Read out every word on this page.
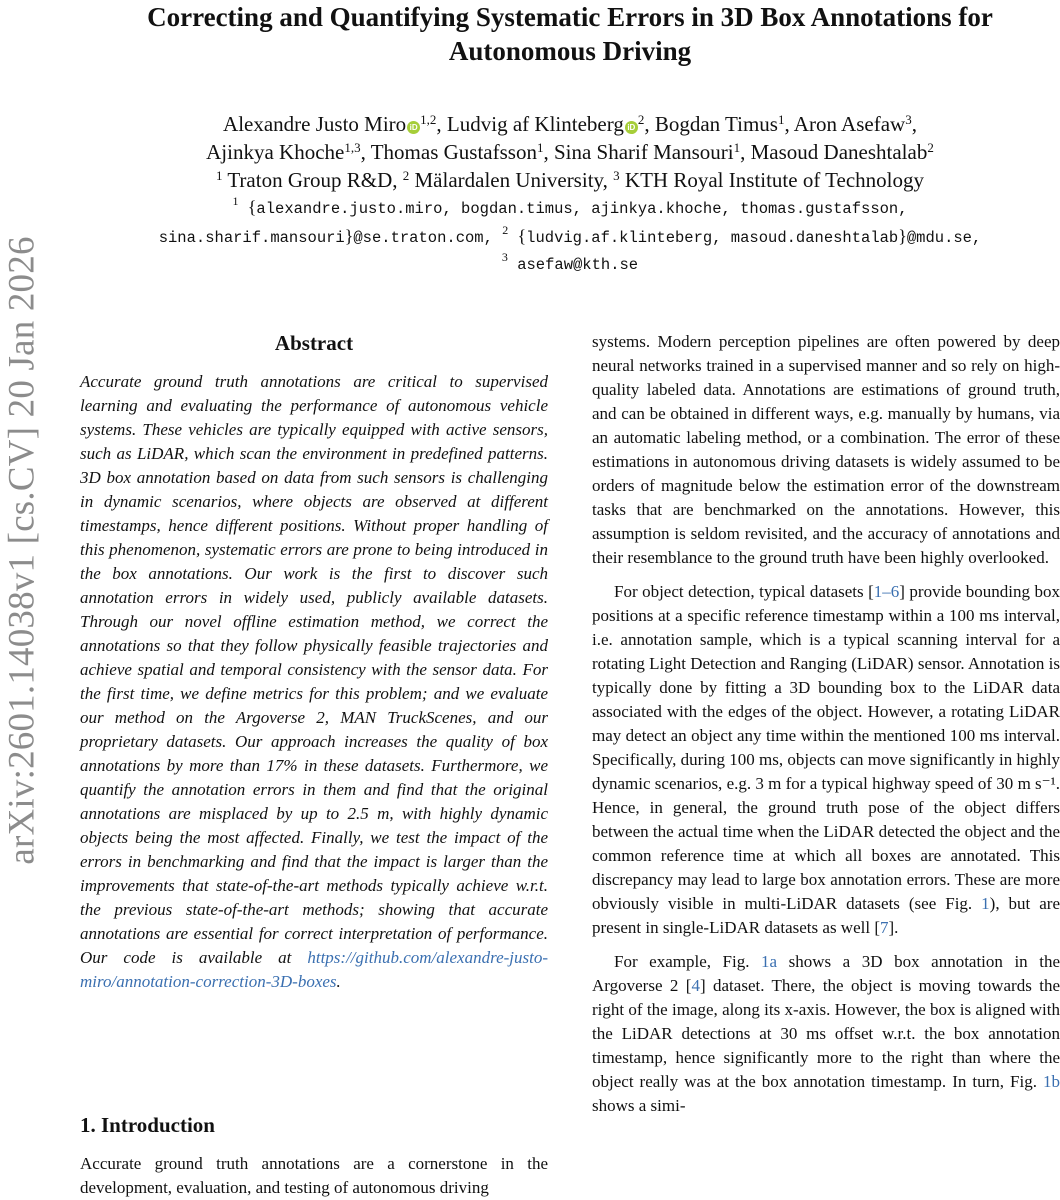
arXiv:2601.14038v1 [cs.CV] 20 Jan 2026
Correcting and Quantifying Systematic Errors in 3D Box Annotations for
Autonomous Driving
Alexandre Justo Miro iD$^{1,2}$, Ludvig af Klinteberg $iD^2$, Bogdan Timus$^1$, Aron Asefaw$^3$,
Ajinkya Khoche$^{1,3}$, Thomas Gustafsson$^1$, Sina Sharif Mansouri$^1$, Masoud Daneshtalab$^2$
$^1$ Traton Group R&D, $^2$ Mälardalen University, $^3$ KTH Royal Institute of Technology
$^1$ {alexandre.justo.miro, bogdan.timus, ajinkya.khoche, thomas.gustafsson,
sina.sharif.mansouri}@se.traton.com, $^2$ {ludvig.af.klinteberg, masoud.daneshtalab}@mdu.se,
$^3$ asefaw@kth.se
Abstract

Accurate ground truth annotations are critical to supervised learning and evaluating the performance of autonomous vehicle systems. These vehicles are typically equipped with active sensors, such as LiDAR, which scan the environment in predefined patterns. 3D box annotation based on data from such sensors is challenging in dynamic scenarios, where objects are observed at different timestamps, hence different positions. Without proper handling of this phenomenon, systematic errors are prone to being introduced in the box annotations. Our work is the first to discover such annotation errors in widely used, publicly available datasets. Through our novel offline estimation method, we correct the annotations so that they follow physically feasible trajectories and achieve spatial and temporal consistency with the sensor data. For the first time, we define metrics for this problem; and we evaluate our method on the Argoverse 2, MAN TruckScenes, and our proprietary datasets. Our approach increases the quality of box annotations by more than 17% in these datasets. Furthermore, we quantify the annotation errors in them and find that the original annotations are misplaced by up to 2.5 m, with highly dynamic objects being the most affected. Finally, we test the impact of the errors in benchmarking and find that the impact is larger than the improvements that state-of-the-art methods typically achieve w.r.t. the previous state-of-the-art methods; showing that accurate annotations are essential for correct interpretation of performance. Our code is available at https://github.com/alexandre-justo-miro/annotation-correction-3D-boxes.

1. Introduction

Accurate ground truth annotations are a cornerstone in the development, evaluation, and testing of autonomous driving

systems. Modern perception pipelines are often powered by deep neural networks trained in a supervised manner and so rely on high-quality labeled data. Annotations are estimations of ground truth, and can be obtained in different ways, e.g. manually by humans, via an automatic labeling method, or a combination. The error of these estimations in autonomous driving datasets is widely assumed to be orders of magnitude below the estimation error of the downstream tasks that are benchmarked on the annotations. However, this assumption is seldom revisited, and the accuracy of annotations and their resemblance to the ground truth have been highly overlooked.

For object detection, typical datasets [1–6] provide bounding box positions at a specific reference timestamp within a 100 ms interval, i.e. annotation sample, which is a typical scanning interval for a rotating Light Detection and Ranging (LiDAR) sensor. Annotation is typically done by fitting a 3D bounding box to the LiDAR data associated with the edges of the object. However, a rotating LiDAR may detect an object any time within the mentioned 100 ms interval. Specifically, during 100 ms, objects can move significantly in highly dynamic scenarios, e.g. 3 m for a typical highway speed of 30 m s⁻¹. Hence, in general, the ground truth pose of the object differs between the actual time when the LiDAR detected the object and the common reference time at which all boxes are annotated. This discrepancy may lead to large box annotation errors. These are more obviously visible in multi-LiDAR datasets (see Fig. 1), but are present in single-LiDAR datasets as well [7].

For example, Fig. 1a shows a 3D box annotation in the Argoverse 2 [4] dataset. There, the object is moving towards the right of the image, along its x-axis. However, the box is aligned with the LiDAR detections at 30 ms offset w.r.t. the box annotation timestamp, hence significantly more to the right than where the object really was at the box annotation timestamp. In turn, Fig. 1b shows a simi-
